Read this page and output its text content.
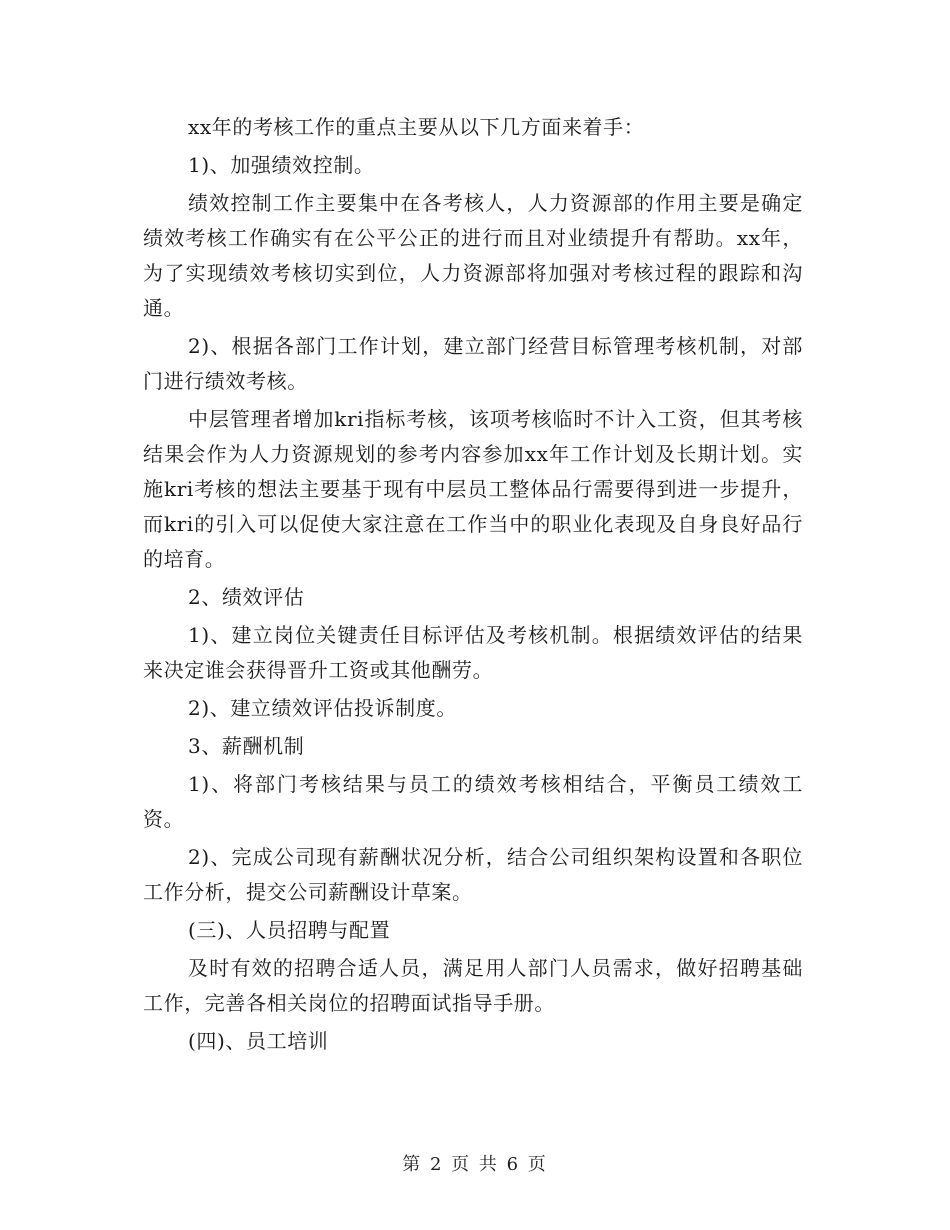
xx年的考核工作的重点主要从以下几方面来着手：

1)、加强绩效控制。

绩效控制工作主要集中在各考核人，人力资源部的作用主要是确定绩效考核工作确实有在公平公正的进行而且对业绩提升有帮助。xx年，为了实现绩效考核切实到位，人力资源部将加强对考核过程的跟踪和沟通。

2)、根据各部门工作计划，建立部门经营目标管理考核机制，对部门进行绩效考核。

中层管理者增加kri指标考核，该项考核临时不计入工资，但其考核结果会作为人力资源规划的参考内容参加xx年工作计划及长期计划。实施kri考核的想法主要基于现有中层员工整体品行需要得到进一步提升，而kri的引入可以促使大家注意在工作当中的职业化表现及自身良好品行的培育。

2、绩效评估

1)、建立岗位关键责任目标评估及考核机制。根据绩效评估的结果来决定谁会获得晋升工资或其他酬劳。

2)、建立绩效评估投诉制度。

3、薪酬机制

1)、将部门考核结果与员工的绩效考核相结合，平衡员工绩效工资。

2)、完成公司现有薪酬状况分析，结合公司组织架构设置和各职位工作分析，提交公司薪酬设计草案。

(三)、人员招聘与配置

及时有效的招聘合适人员，满足用人部门人员需求，做好招聘基础工作，完善各相关岗位的招聘面试指导手册。

(四)、员工培训

第 2 页 共 6 页
